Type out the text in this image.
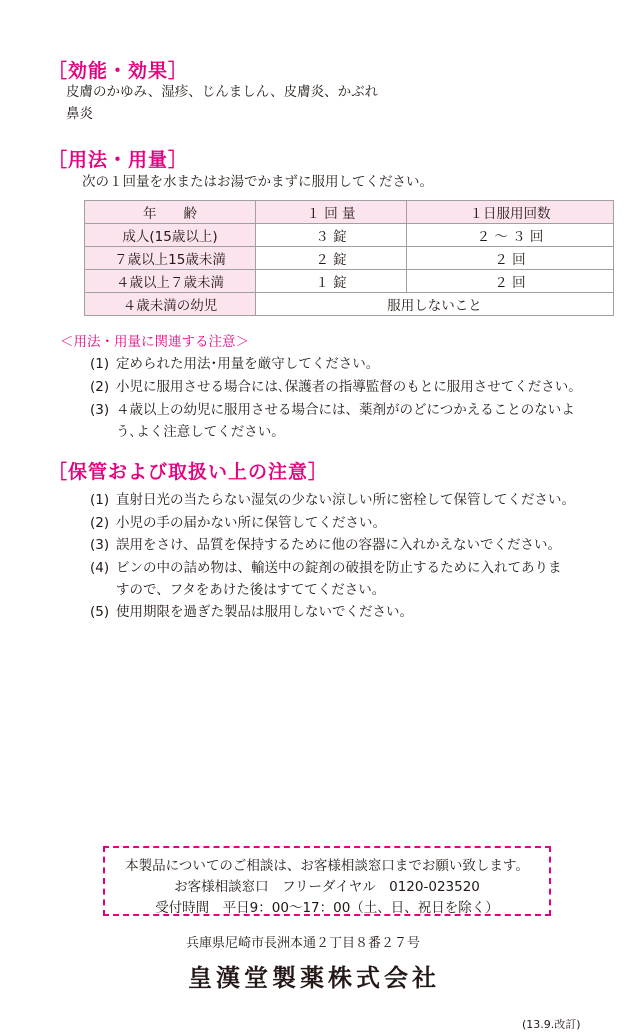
［効能・効果］
皮膚のかゆみ、湿疹、じんましん、皮膚炎、かぶれ
鼻炎
［用法・用量］
次の１回量を水またはお湯でかまずに服用してください。
年　　齢	１ 回 量	１日服用回数
成人(15歳以上)	３ 錠	２ ～ ３ 回
７歳以上15歳未満	２ 錠	２ 回
４歳以上７歳未満	１ 錠	２ 回
４歳未満の幼児	服用しないこと	
＜用法・用量に関連する注意＞
(1) 定められた用法･用量を厳守してください。
(2) 小児に服用させる場合には､保護者の指導監督のもとに服用させてください。
(3) ４歳以上の幼児に服用させる場合には、薬剤がのどにつかえることのないよ
う､よく注意してください。
［保管および取扱い上の注意］
(1) 直射日光の当たらない湿気の少ない涼しい所に密栓して保管してください。
(2) 小児の手の届かない所に保管してください。
(3) 誤用をさけ、品質を保持するために他の容器に入れかえないでください。
(4) ビンの中の詰め物は、輸送中の錠剤の破損を防止するために入れてありま
すので、フタをあけた後はすててください。
(5) 使用期限を過ぎた製品は服用しないでください。
本製品についてのご相談は、お客様相談窓口までお願い致します。
お客様相談窓口　フリーダイヤル　0120-023520
受付時間　平日9：00～17：00（土、日、祝日を除く）
兵庫県尼崎市長洲本通２丁目８番２７号
皇漢堂製薬株式会社
(13.9.改訂)
